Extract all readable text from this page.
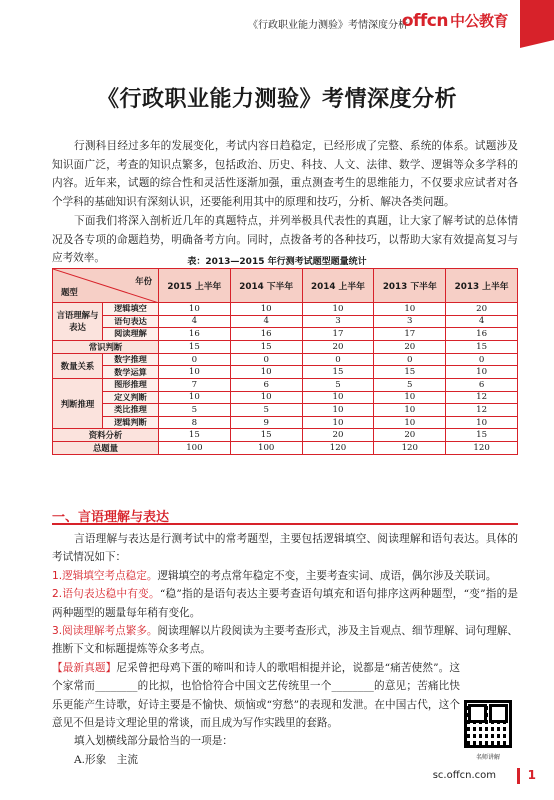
《行政职业能力测验》考情深度分析
offcn 中公教育
《行政职业能力测验》考情深度分析

行测科目经过多年的发展变化，考试内容日趋稳定，已经形成了完整、系统的体系。试题涉及知识面广泛，考查的知识点繁多，包括政治、历史、科技、人文、法律、数学、逻辑等众多学科的内容。近年来，试题的综合性和灵活性逐渐加强，重点测查考生的思维能力，不仅要求应试者对各个学科的基础知识有深刻认识，还要能利用其中的原理和技巧，分析、解决各类问题。

下面我们将深入剖析近几年的真题特点，并列举极具代表性的真题，让大家了解考试的总体情况及各专项的命题趋势，明确备考方向。同时，点拨备考的各种技巧，以帮助大家有效提高复习与应考效率。	表：2013—2015 年行测考试题型题量统计
年份
题型		2015 上半年	2014 下半年	2014 上半年	2013 下半年	2013 上半年
言语理解与表达	逻辑填空	10	10	10	10	20
	语句表达	4	4	3	3	4
	阅读理解	16	16	17	17	16
常识判断		15	15	20	20	15
数量关系	数字推理	0	0	0	0	0
	数学运算	10	10	15	15	10
判断推理	图形推理	7	6	5	5	6
	定义判断	10	10	10	10	12
	类比推理	5	5	10	10	12
	逻辑判断	8	9	10	10	10
资料分析		15	15	20	20	15
总题量		100	100	120	120	120
一、言语理解与表达

言语理解与表达是行测考试中的常考题型，主要包括逻辑填空、阅读理解和语句表达。具体的考试情况如下：

1.逻辑填空考点稳定。逻辑填空的考点常年稳定不变，主要考查实词、成语，偶尔涉及关联词。

2.语句表达稳中有变。“稳”指的是语句表达主要考查语句填充和语句排序这两种题型，“变”指的是两种题型的题量每年稍有变化。

3.阅读理解考点繁多。阅读理解以片段阅读为主要考查形式，涉及主旨观点、细节理解、词句理解、推断下文和标题提炼等众多考点。

【最新真题】尼采曾把母鸡下蛋的啼叫和诗人的歌唱相提并论，说都是“痛苦使然”。这个家常而________的比拟，也恰恰符合中国文艺传统里一个________的意见；苦痛比快乐更能产生诗歌，好诗主要是不愉快、烦恼或“穷愁”的表现和发泄。在中国古代，这个意见不但是诗文理论里的常谈，而且成为写作实践里的套路。

填入划横线部分最恰当的一项是：

A.形象　主流	名师讲解
sc.offcn.com	1
